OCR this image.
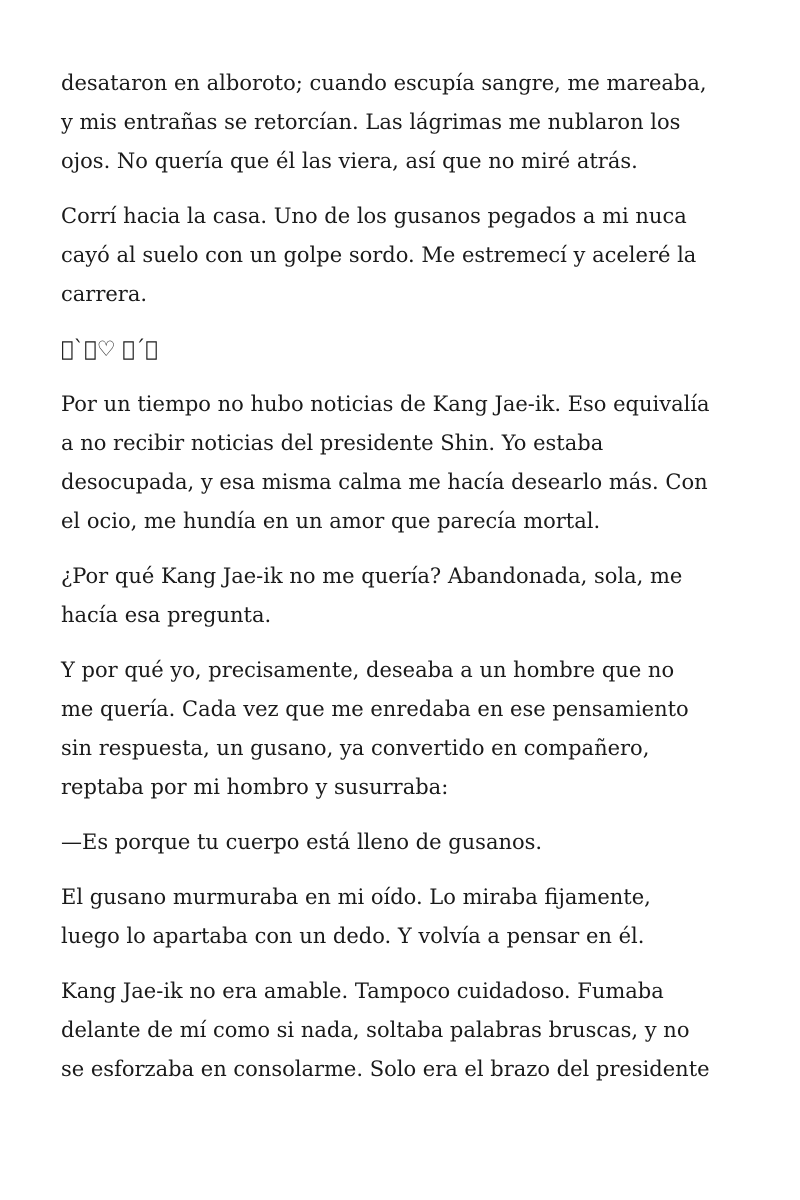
desataron en alboroto; cuando escupía sangre, me mareaba,
y mis entrañas se retorcían. Las lágrimas me nublaron los
ojos. No quería que él las viera, así que no miré atrás.

Corrí hacia la casa. Uno de los gusanos pegados a mi nuca
cayó al suelo con un golpe sordo. Me estremecí y aceleré la
carrera.

 ` ♡  ´ 

Por un tiempo no hubo noticias de Kang Jae-ik. Eso equivalía
a no recibir noticias del presidente Shin. Yo estaba
desocupada, y esa misma calma me hacía desearlo más. Con
el ocio, me hundía en un amor que parecía mortal.

¿Por qué Kang Jae-ik no me quería? Abandonada, sola, me
hacía esa pregunta.

Y por qué yo, precisamente, deseaba a un hombre que no
me quería. Cada vez que me enredaba en ese pensamiento
sin respuesta, un gusano, ya convertido en compañero,
reptaba por mi hombro y susurraba:

—Es porque tu cuerpo está lleno de gusanos.

El gusano murmuraba en mi oído. Lo miraba fijamente,
luego lo apartaba con un dedo. Y volvía a pensar en él.

Kang Jae-ik no era amable. Tampoco cuidadoso. Fumaba
delante de mí como si nada, soltaba palabras bruscas, y no
se esforzaba en consolarme. Solo era el brazo del presidente
